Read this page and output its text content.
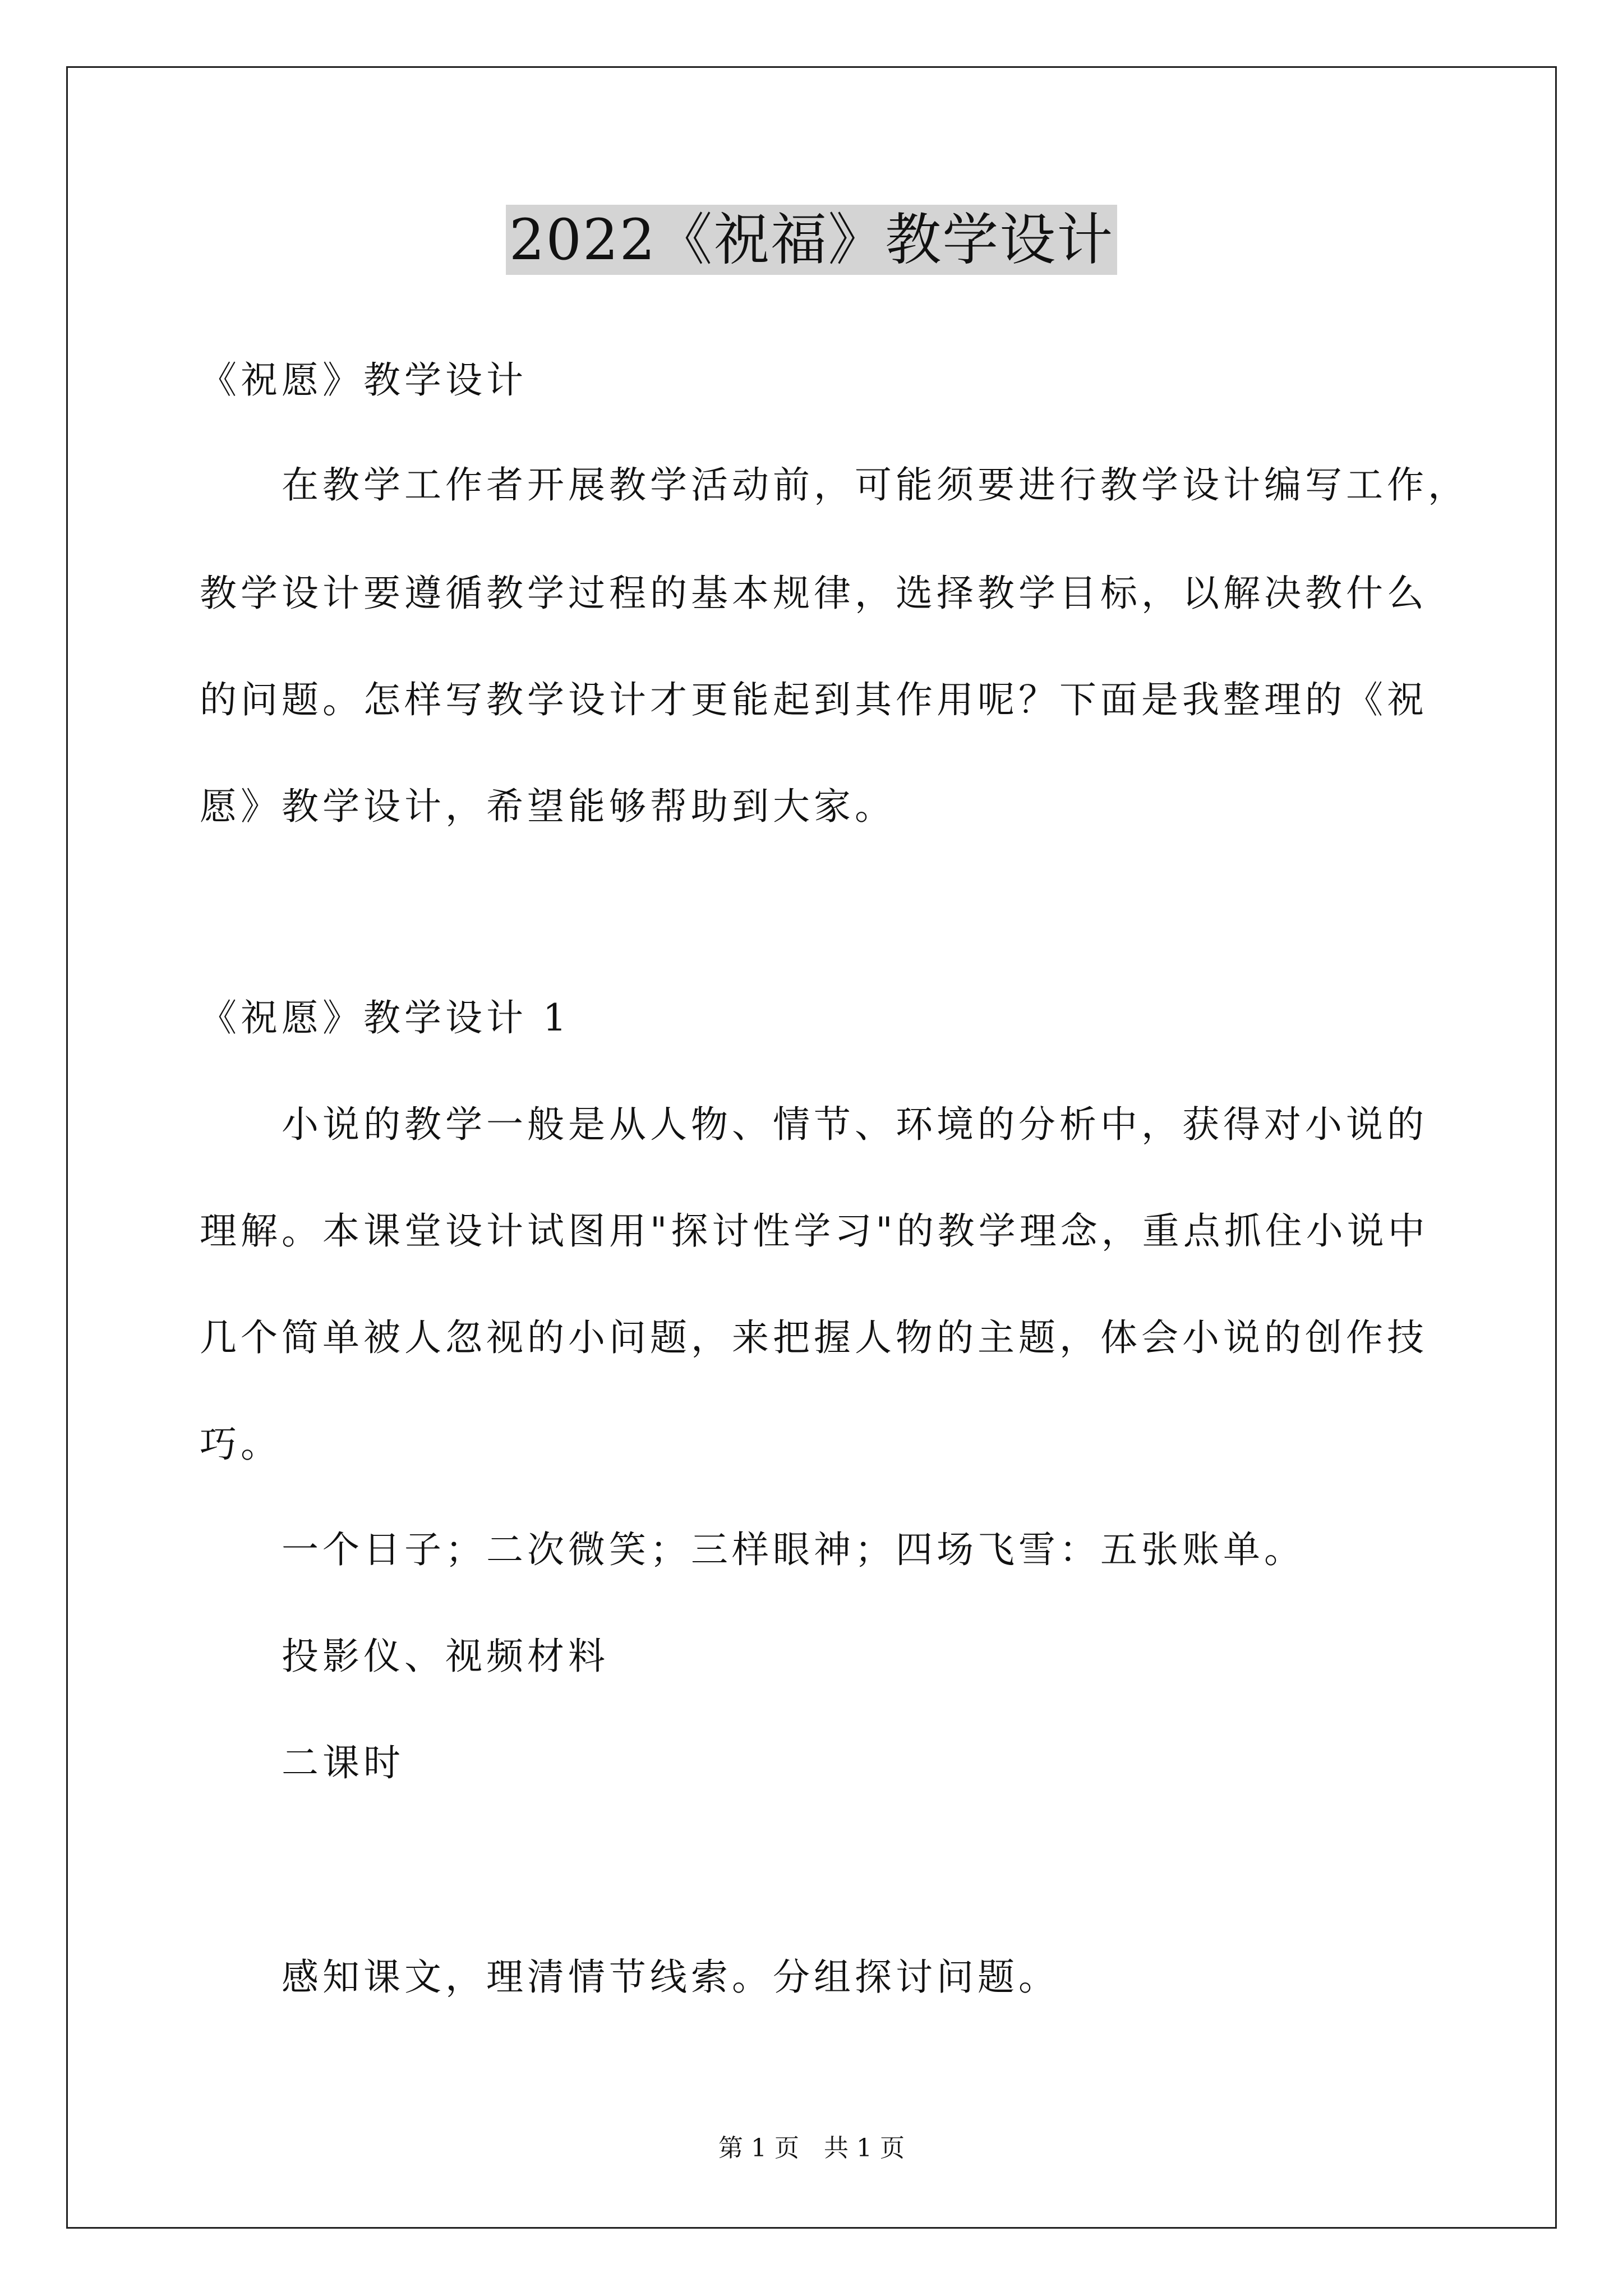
2022《祝福》教学设计
《祝愿》教学设计
在教学工作者开展教学活动前，可能须要进行教学设计编写工作，
教学设计要遵循教学过程的基本规律，选择教学目标，以解决教什么
的问题。怎样写教学设计才更能起到其作用呢？下面是我整理的《祝
愿》教学设计，希望能够帮助到大家。
《祝愿》教学设计 1
小说的教学一般是从人物、情节、环境的分析中，获得对小说的
理解。本课堂设计试图用"探讨性学习"的教学理念，重点抓住小说中
几个简单被人忽视的小问题，来把握人物的主题，体会小说的创作技
巧。
一个日子；二次微笑；三样眼神；四场飞雪：五张账单。
投影仪、视频材料
二课时
感知课文，理清情节线索。分组探讨问题。
第 1 页　共 1 页
